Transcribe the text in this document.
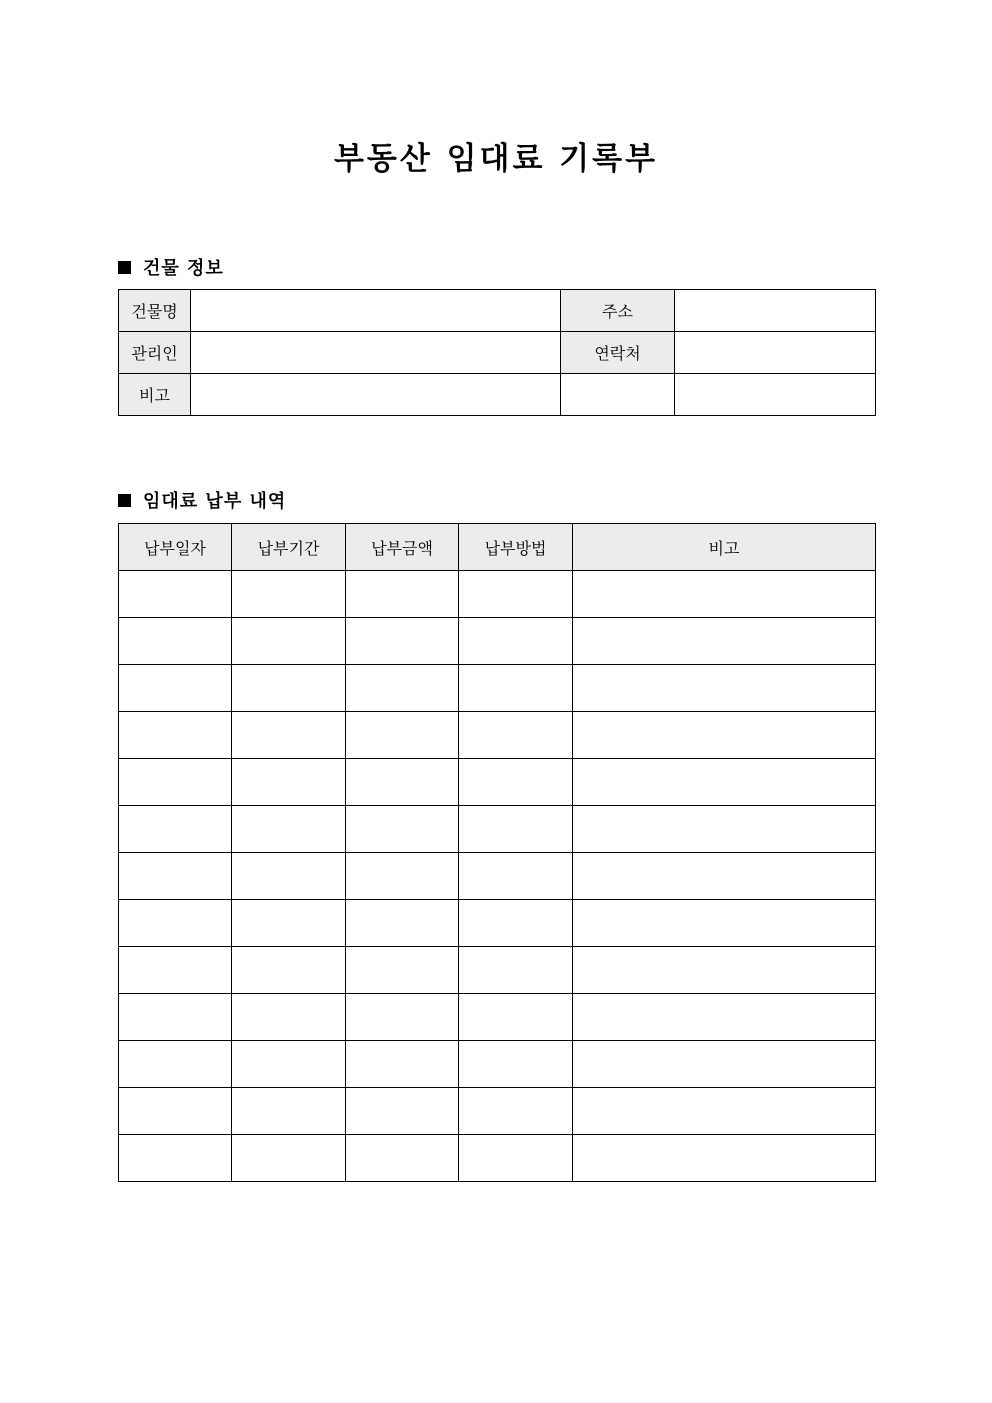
부동산 임대료 기록부
건물 정보
건물명		주소	
관리인		연락처	
비고			
임대료 납부 내역
납부일자	납부기간	납부금액	납부방법	비고
